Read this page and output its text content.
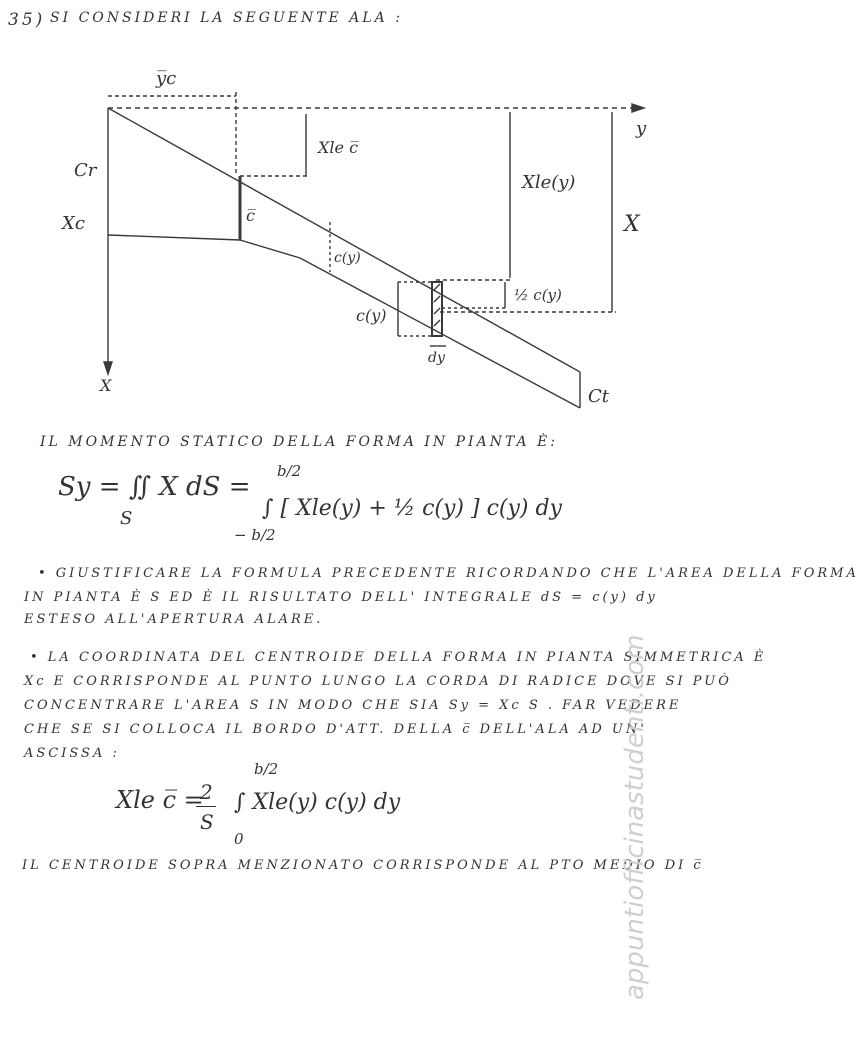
35) SI CONSIDERI LA SEGUENTE ALA :
y̅c
Cr
Xc	c̅
Xle c̅
c(y)
Xle(y)
y
X
X
c(y)
½ c(y)
dy
Ct
IL MOMENTO STATICO DELLA FORMA IN PIANTA È:
Sy = ∬ X dS =
b/2
− b/2
S	∫ [ Xle(y) + ½ c(y) ] c(y) dy
• GIUSTIFICARE LA FORMULA PRECEDENTE RICORDANDO CHE L'AREA DELLA FORMA
IN PIANTA È S ED È IL RISULTATO DELL' INTEGRALE dS = c(y) dy
ESTESO ALL'APERTURA ALARE.
• LA COORDINATA DEL CENTROIDE DELLA FORMA IN PIANTA SIMMETRICA È
Xc E CORRISPONDE AL PUNTO LUNGO LA CORDA DI RADICE DOVE SI PUÒ
CONCENTRARE L'AREA S IN MODO CHE SIA Sy = Xc S . FAR VEDERE
CHE SE SI COLLOCA IL BORDO D'ATT. DELLA c̅ DELL'ALA AD UN'
ASCISSA :
Xle c̅ =
2
S
b/2
0
∫ Xle(y) c(y) dy
IL CENTROIDE SOPRA MENZIONATO CORRISPONDE AL PTO MEDIO DI c̅
appuntiofficinastudenti.com
